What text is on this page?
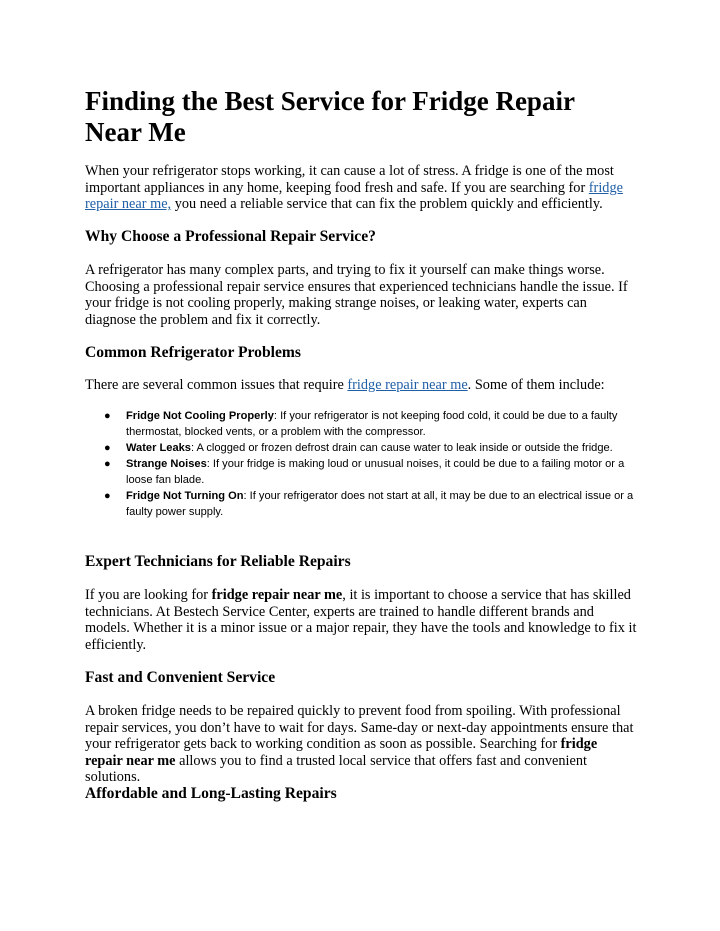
Finding the Best Service for Fridge Repair Near Me

When your refrigerator stops working, it can cause a lot of stress. A fridge is one of the most important appliances in any home, keeping food fresh and safe. If you are searching for fridge repair near me, you need a reliable service that can fix the problem quickly and efficiently.

Why Choose a Professional Repair Service?

A refrigerator has many complex parts, and trying to fix it yourself can make things worse. Choosing a professional repair service ensures that experienced technicians handle the issue. If your fridge is not cooling properly, making strange noises, or leaking water, experts can diagnose the problem and fix it correctly.

Common Refrigerator Problems

There are several common issues that require fridge repair near me. Some of them include:

● Fridge Not Cooling Properly: If your refrigerator is not keeping food cold, it could be due to a faulty thermostat, blocked vents, or a problem with the compressor.
● Water Leaks: A clogged or frozen defrost drain can cause water to leak inside or outside the fridge.
● Strange Noises: If your fridge is making loud or unusual noises, it could be due to a failing motor or a loose fan blade.
● Fridge Not Turning On: If your refrigerator does not start at all, it may be due to an electrical issue or a faulty power supply.
Expert Technicians for Reliable Repairs

If you are looking for fridge repair near me, it is important to choose a service that has skilled technicians. At Bestech Service Center, experts are trained to handle different brands and models. Whether it is a minor issue or a major repair, they have the tools and knowledge to fix it efficiently.

Fast and Convenient Service

A broken fridge needs to be repaired quickly to prevent food from spoiling. With professional repair services, you don’t have to wait for days. Same-day or next-day appointments ensure that your refrigerator gets back to working condition as soon as possible. Searching for fridge repair near me allows you to find a trusted local service that offers fast and convenient solutions.

Affordable and Long-Lasting Repairs
